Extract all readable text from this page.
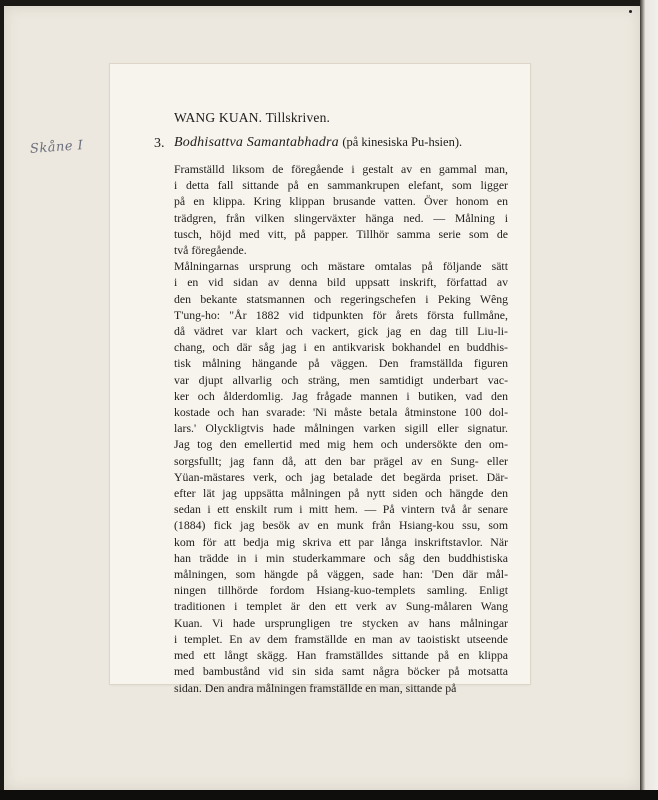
Skåne I
WANG KUAN. Tillskriven.
3. Bodhisattva Samantabhadra (på kinesiska Pu-hsien).
Framställd liksom de föregående i gestalt av en gammal man,
i detta fall sittande på en sammankrupen elefant, som ligger
på en klippa. Kring klippan brusande vatten. Över honom en
trädgren, från vilken slingerväxter hänga ned. — Målning i
tusch, höjd med vitt, på papper. Tillhör samma serie som de
två föregående.
Målningarnas ursprung och mästare omtalas på följande sätt
i en vid sidan av denna bild uppsatt inskrift, författad av
den bekante statsmannen och regeringschefen i Peking Wêng
T'ung-ho: "År 1882 vid tidpunkten för årets första fullmåne,
då vädret var klart och vackert, gick jag en dag till Liu-li-
chang, och där såg jag i en antikvarisk bokhandel en buddhis-
tisk målning hängande på väggen. Den framställda figuren
var djupt allvarlig och sträng, men samtidigt underbart vac-
ker och ålderdomlig. Jag frågade mannen i butiken, vad den
kostade och han svarade: 'Ni måste betala åtminstone 100 dol-
lars.' Olyckligtvis hade målningen varken sigill eller signatur.
Jag tog den emellertid med mig hem och undersökte den om-
sorgsfullt; jag fann då, att den bar prägel av en Sung- eller
Yüan-mästares verk, och jag betalade det begärda priset. Där-
efter lät jag uppsätta målningen på nytt siden och hängde den
sedan i ett enskilt rum i mitt hem. — På vintern två år senare
(1884) fick jag besök av en munk från Hsiang-kou ssu, som
kom för att bedja mig skriva ett par långa inskriftstavlor. När
han trädde in i min studerkammare och såg den buddhistiska
målningen, som hängde på väggen, sade han: 'Den där mål-
ningen tillhörde fordom Hsiang-kuo-templets samling. Enligt
traditionen i templet är den ett verk av Sung-målaren Wang
Kuan. Vi hade ursprungligen tre stycken av hans målningar
i templet. En av dem framställde en man av taoistiskt utseende
med ett långt skägg. Han framställdes sittande på en klippa
med bambustånd vid sin sida samt några böcker på motsatta
sidan. Den andra målningen framställde en man, sittande på
